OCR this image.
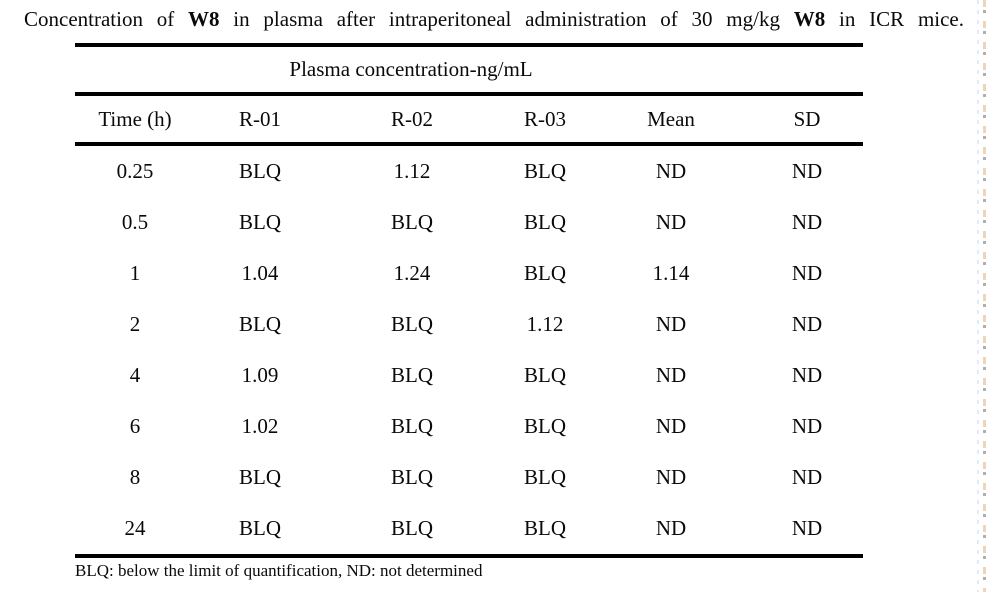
Concentration of W8 in plasma after intraperitoneal administration of 30 mg/kg W8 in ICR mice.
Plasma concentration-ng/mL					
Time (h)	R-01	R-02	R-03	Mean	SD
0.25	BLQ	1.12	BLQ	ND	ND
0.5	BLQ	BLQ	BLQ	ND	ND
1	1.04	1.24	BLQ	1.14	ND
2	BLQ	BLQ	1.12	ND	ND
4	1.09	BLQ	BLQ	ND	ND
6	1.02	BLQ	BLQ	ND	ND
8	BLQ	BLQ	BLQ	ND	ND
24	BLQ	BLQ	BLQ	ND	ND
BLQ: below the limit of quantification, ND: not determined
